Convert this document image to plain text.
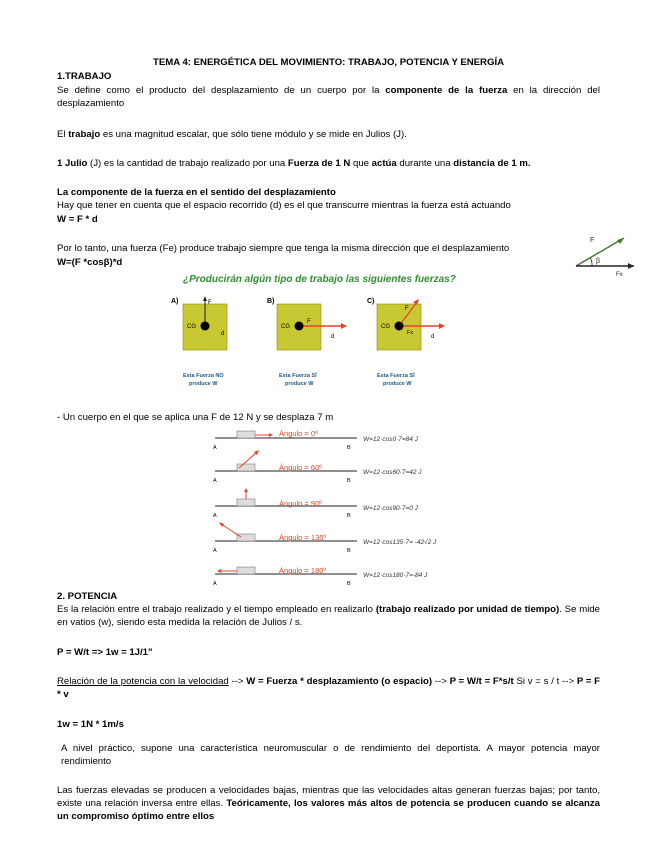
TEMA 4: ENERGÉTICA DEL MOVIMIENTO: TRABAJO, POTENCIA Y ENERGÍA
1.TRABAJO
Se define como el producto del desplazamiento de un cuerpo por la componente de la fuerza en la dirección del desplazamiento
El trabajo es una magnitud escalar, que sólo tiene módulo y se mide en Julios (J).
1 Julio (J) es la cantidad de trabajo realizado por una Fuerza de 1 N que actúa durante una distancia de 1 m.
La componente de la fuerza en el sentido del desplazamiento
Hay que tener en cuenta que el espacio recorrido (d) es el que transcurre mientras la fuerza está actuando
W = F * d
Por lo tanto, una fuerza (Fe) produce trabajo siempre que tenga la misma dirección que el desplazamiento
W=(F *cosβ)*d
F
β
Fx
¿Producirán algún tipo de trabajo las siguientes fuerzas?
A)	F
CG
d
Esta Fuerza NO
produce W
B)
F
CG
d
Esta Fuerza SÍ
produce W
C)
F
Fx
CG
d
Esta Fuerza SÍ
produce W
- Un cuerpo en el que se aplica una F de 12 N y se desplaza 7 m
Ángulo = 0º
A	B
W=12·cos0·7=84 J
Ángulo = 60º
A	B
W=12·cos60·7=42 J
Ángulo = 90º
A	B
W=12·cos90·7=0 J
Ángulo = 135º
A	B
W=12·cos135·7= -42√2 J
Ángulo = 180º
A	B
W=12·cos180·7=-84 J
2. POTENCIA
Es la relación entre el trabajo realizado y el tiempo empleado en realizarlo (trabajo realizado por unidad de tiempo). Se mide en vatios (w), siendo esta medida la relación de Julios / s.
P = W/t => 1w = 1J/1"
Relación de la potencia con la velocidad --> W = Fuerza * desplazamiento (o espacio) --> P = W/t = F*s/t Si v = s / t --> P = F * v
1w = 1N * 1m/s
A nivel práctico, supone una característica neuromuscular o de rendimiento del deportista. A mayor potencia mayor rendimiento
Las fuerzas elevadas se producen a velocidades bajas, mientras que las velocidades altas generan fuerzas bajas; por tanto, existe una relación inversa entre ellas. Teóricamente, los valores más altos de potencia se producen cuando se alcanza un compromiso óptimo entre ellos
